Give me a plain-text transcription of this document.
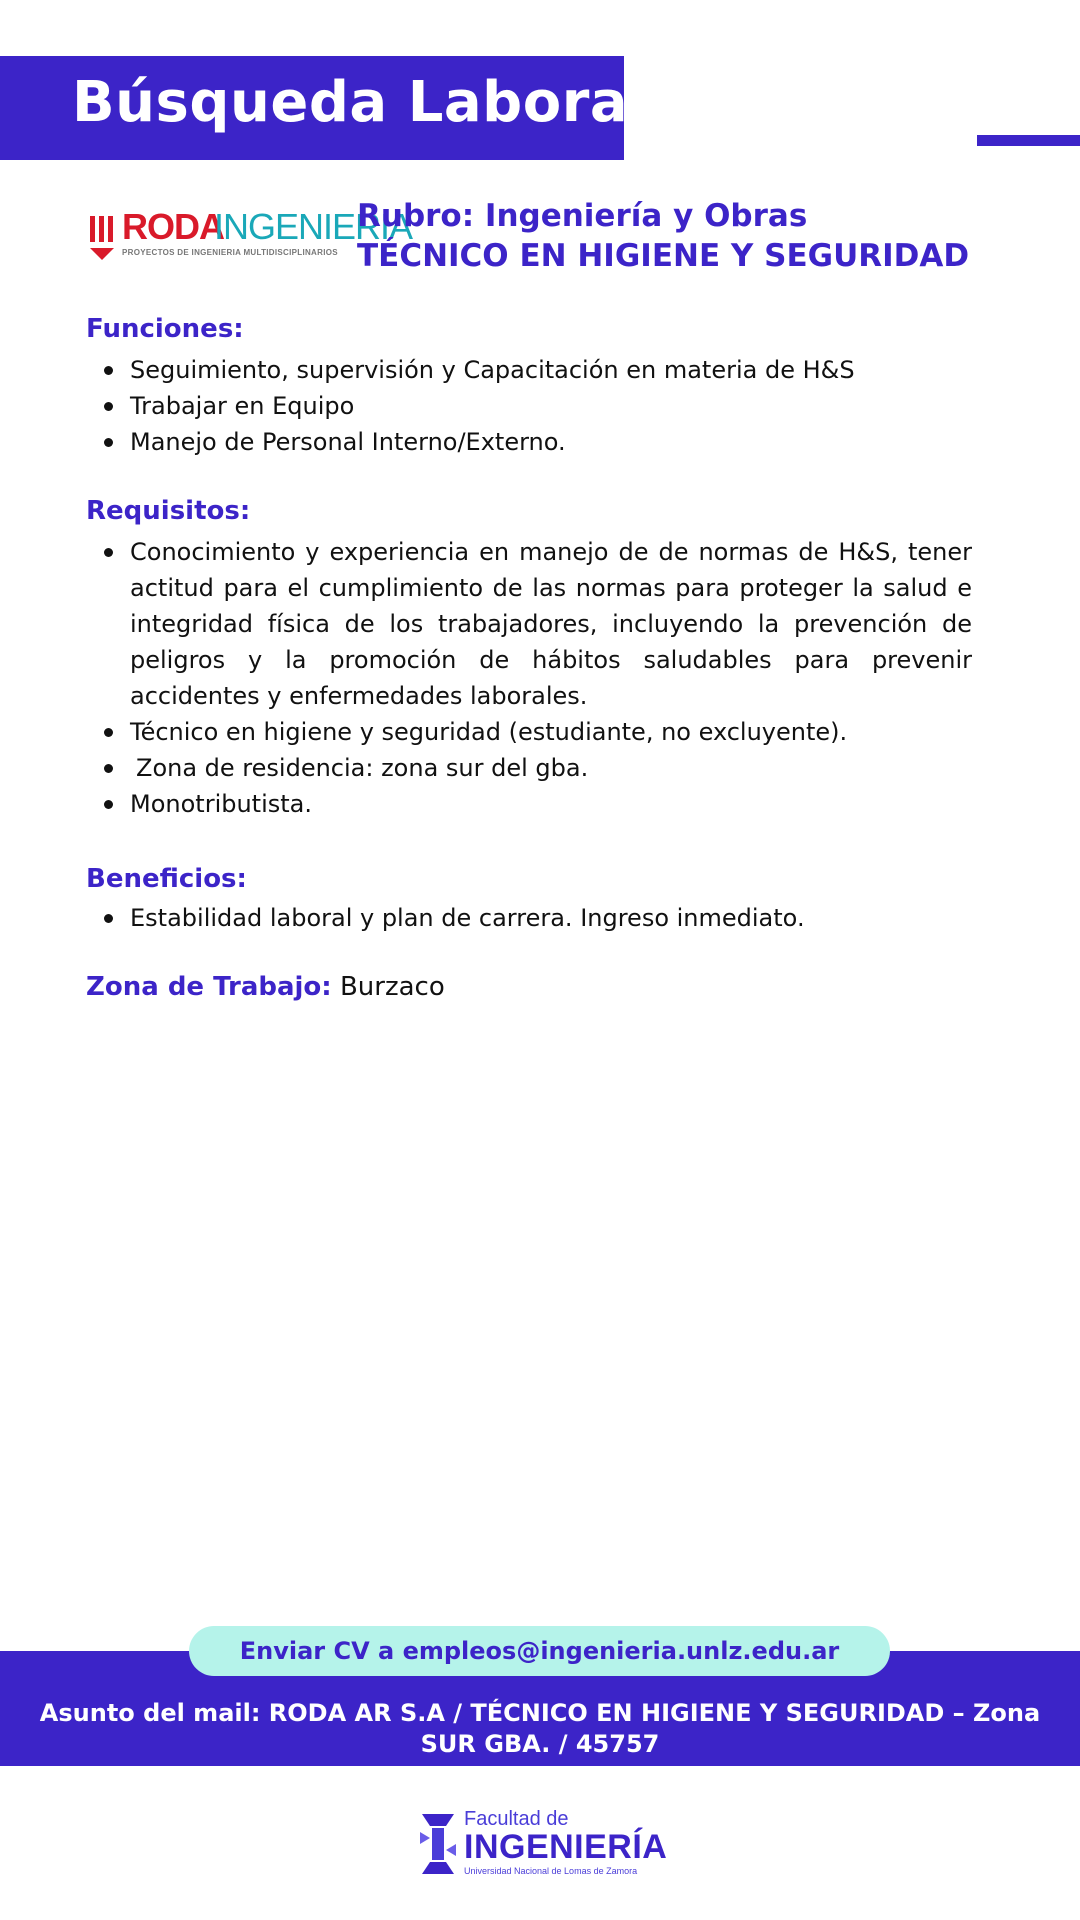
Búsqueda Laboral
RODA
INGENIERIA
PROYECTOS DE INGENIERIA MULTIDISCIPLINARIOS
Rubro: Ingeniería y Obras
TÉCNICO EN HIGIENE Y SEGURIDAD
Funciones:
Seguimiento, supervisión y Capacitación en materia de H&S
Trabajar en Equipo
Manejo de Personal Interno/Externo.
Requisitos:
Conocimiento y experiencia en manejo de de normas de H&S, tener actitud para el cumplimiento de las normas para proteger la salud e integridad física de los trabajadores, incluyendo la prevención de peligros y la promoción de hábitos saludables para prevenir accidentes y enfermedades laborales.
Técnico en higiene y seguridad (estudiante, no excluyente).
Zona de residencia: zona sur del gba.
Monotributista.
Beneficios:
Estabilidad laboral y plan de carrera. Ingreso inmediato.
Zona de Trabajo: Burzaco
Enviar CV a empleos@ingenieria.unlz.edu.ar
Asunto del mail: RODA AR S.A / TÉCNICO EN HIGIENE Y SEGURIDAD – Zona SUR GBA. / 45757
Facultad de
INGENIERÍA
Universidad Nacional de Lomas de Zamora
